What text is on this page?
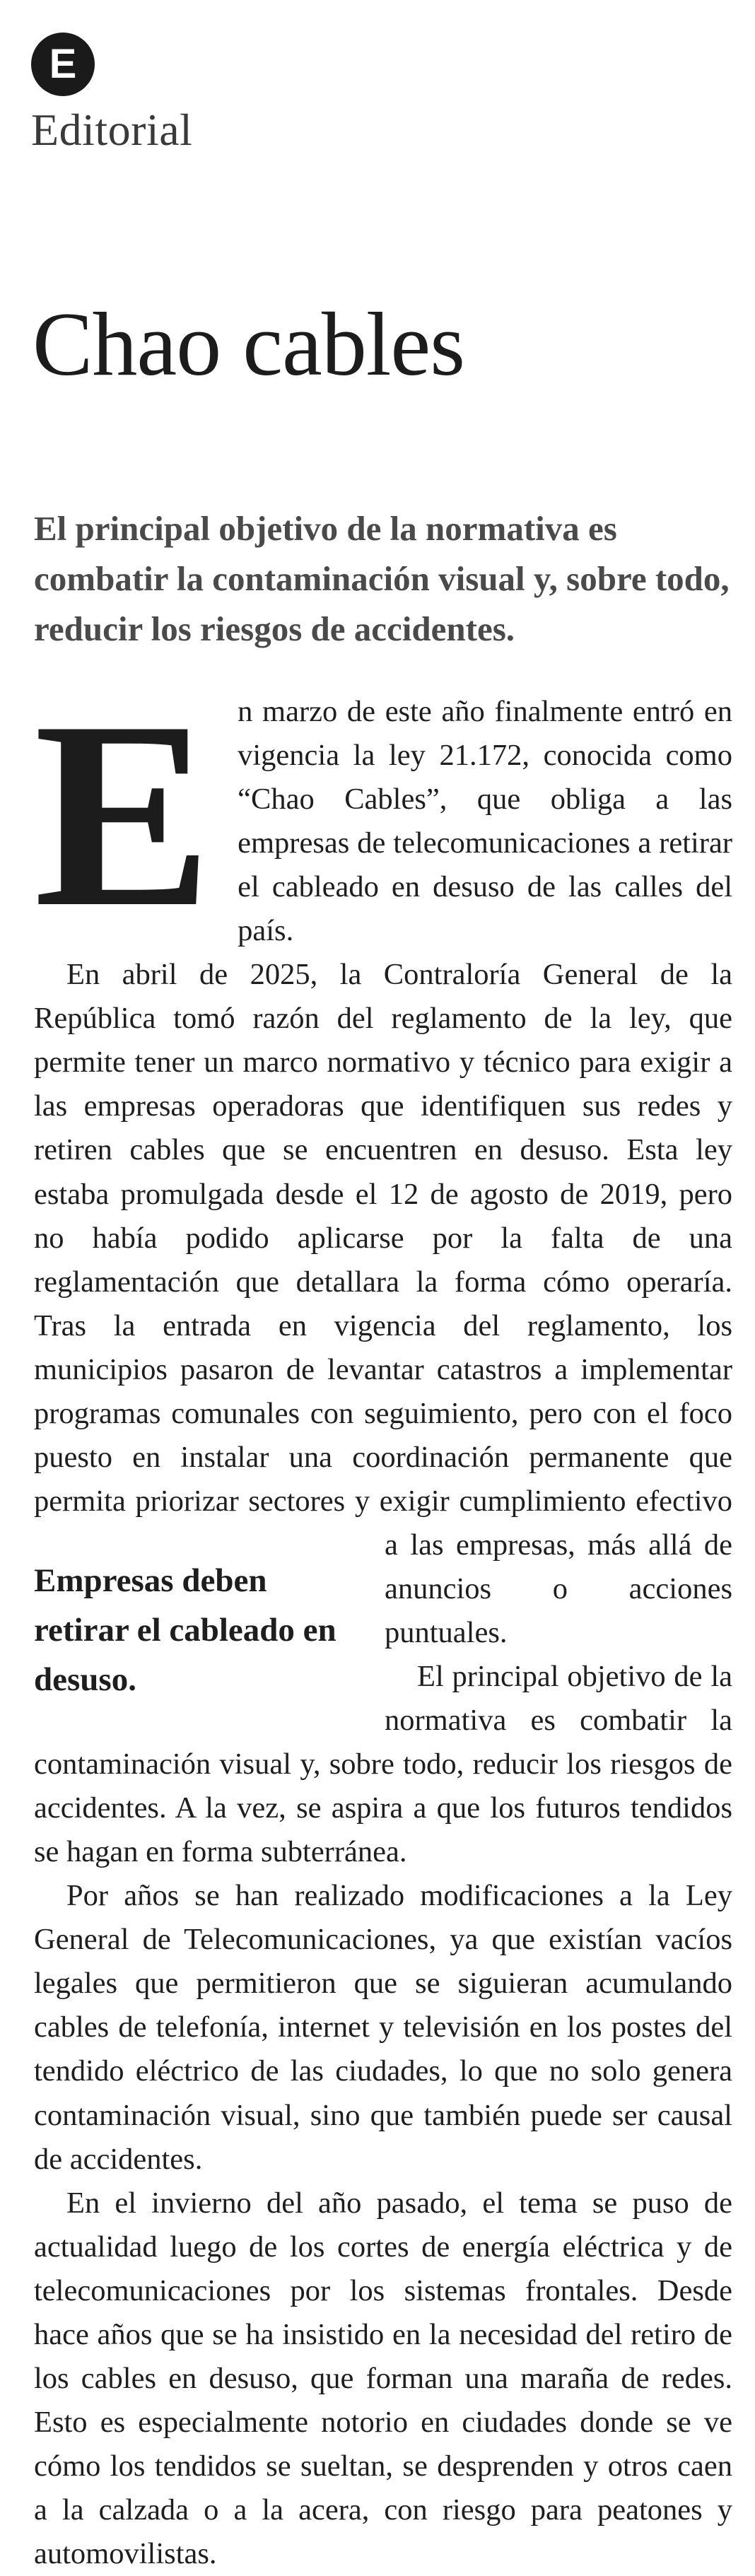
E
Editorial
Chao cables
El principal objetivo de la normativa es combatir la contaminación visual y, sobre todo, reducir los riesgos de accidentes.

En marzo de este año finalmente entró en vigencia la ley 21.172, conocida como “Chao Cables”, que obliga a las empresas de telecomunicaciones a retirar el cableado en desuso de las calles del país.

En abril de 2025, la Contraloría General de la República tomó razón del reglamento de la ley, que permite tener un marco normativo y técnico para exigir a las empresas operadoras que identifiquen sus redes y retiren cables que se encuentren en desuso. Esta ley estaba promulgada desde el 12 de agosto de 2019, pero no había podido aplicarse por la falta de una reglamentación que detallara la forma cómo operaría. Tras la entrada en vigencia del reglamento, los municipios pasaron de levantar catastros a implementar programas comunales con seguimiento, pero con el foco puesto en instalar una coordinación permanente que permita priorizar sectores y exigir cumplimiento
Empresas deben retirar el cableado en desuso.
efectivo a las empresas, más allá de anuncios o acciones puntuales.

El principal objetivo de la normativa es combatir la contaminación visual y, sobre todo, reducir los riesgos de accidentes. A la vez, se aspira a que los futuros tendidos se hagan en forma subterránea.

Por años se han realizado modificaciones a la Ley General de Telecomunicaciones, ya que existían vacíos legales que permitieron que se siguieran acumulando cables de telefonía, internet y televisión en los postes del tendido eléctrico de las ciudades, lo que no solo genera contaminación visual, sino que también puede ser causal de accidentes.

En el invierno del año pasado, el tema se puso de actualidad luego de los cortes de energía eléctrica y de telecomunicaciones por los sistemas frontales. Desde hace años que se ha insistido en la necesidad del retiro de los cables en desuso, que forman una maraña de redes. Esto es especialmente notorio en ciudades donde se ve cómo los tendidos se sueltan, se desprenden y otros caen a la calzada o a la acera, con riesgo para peatones y automovilistas.
